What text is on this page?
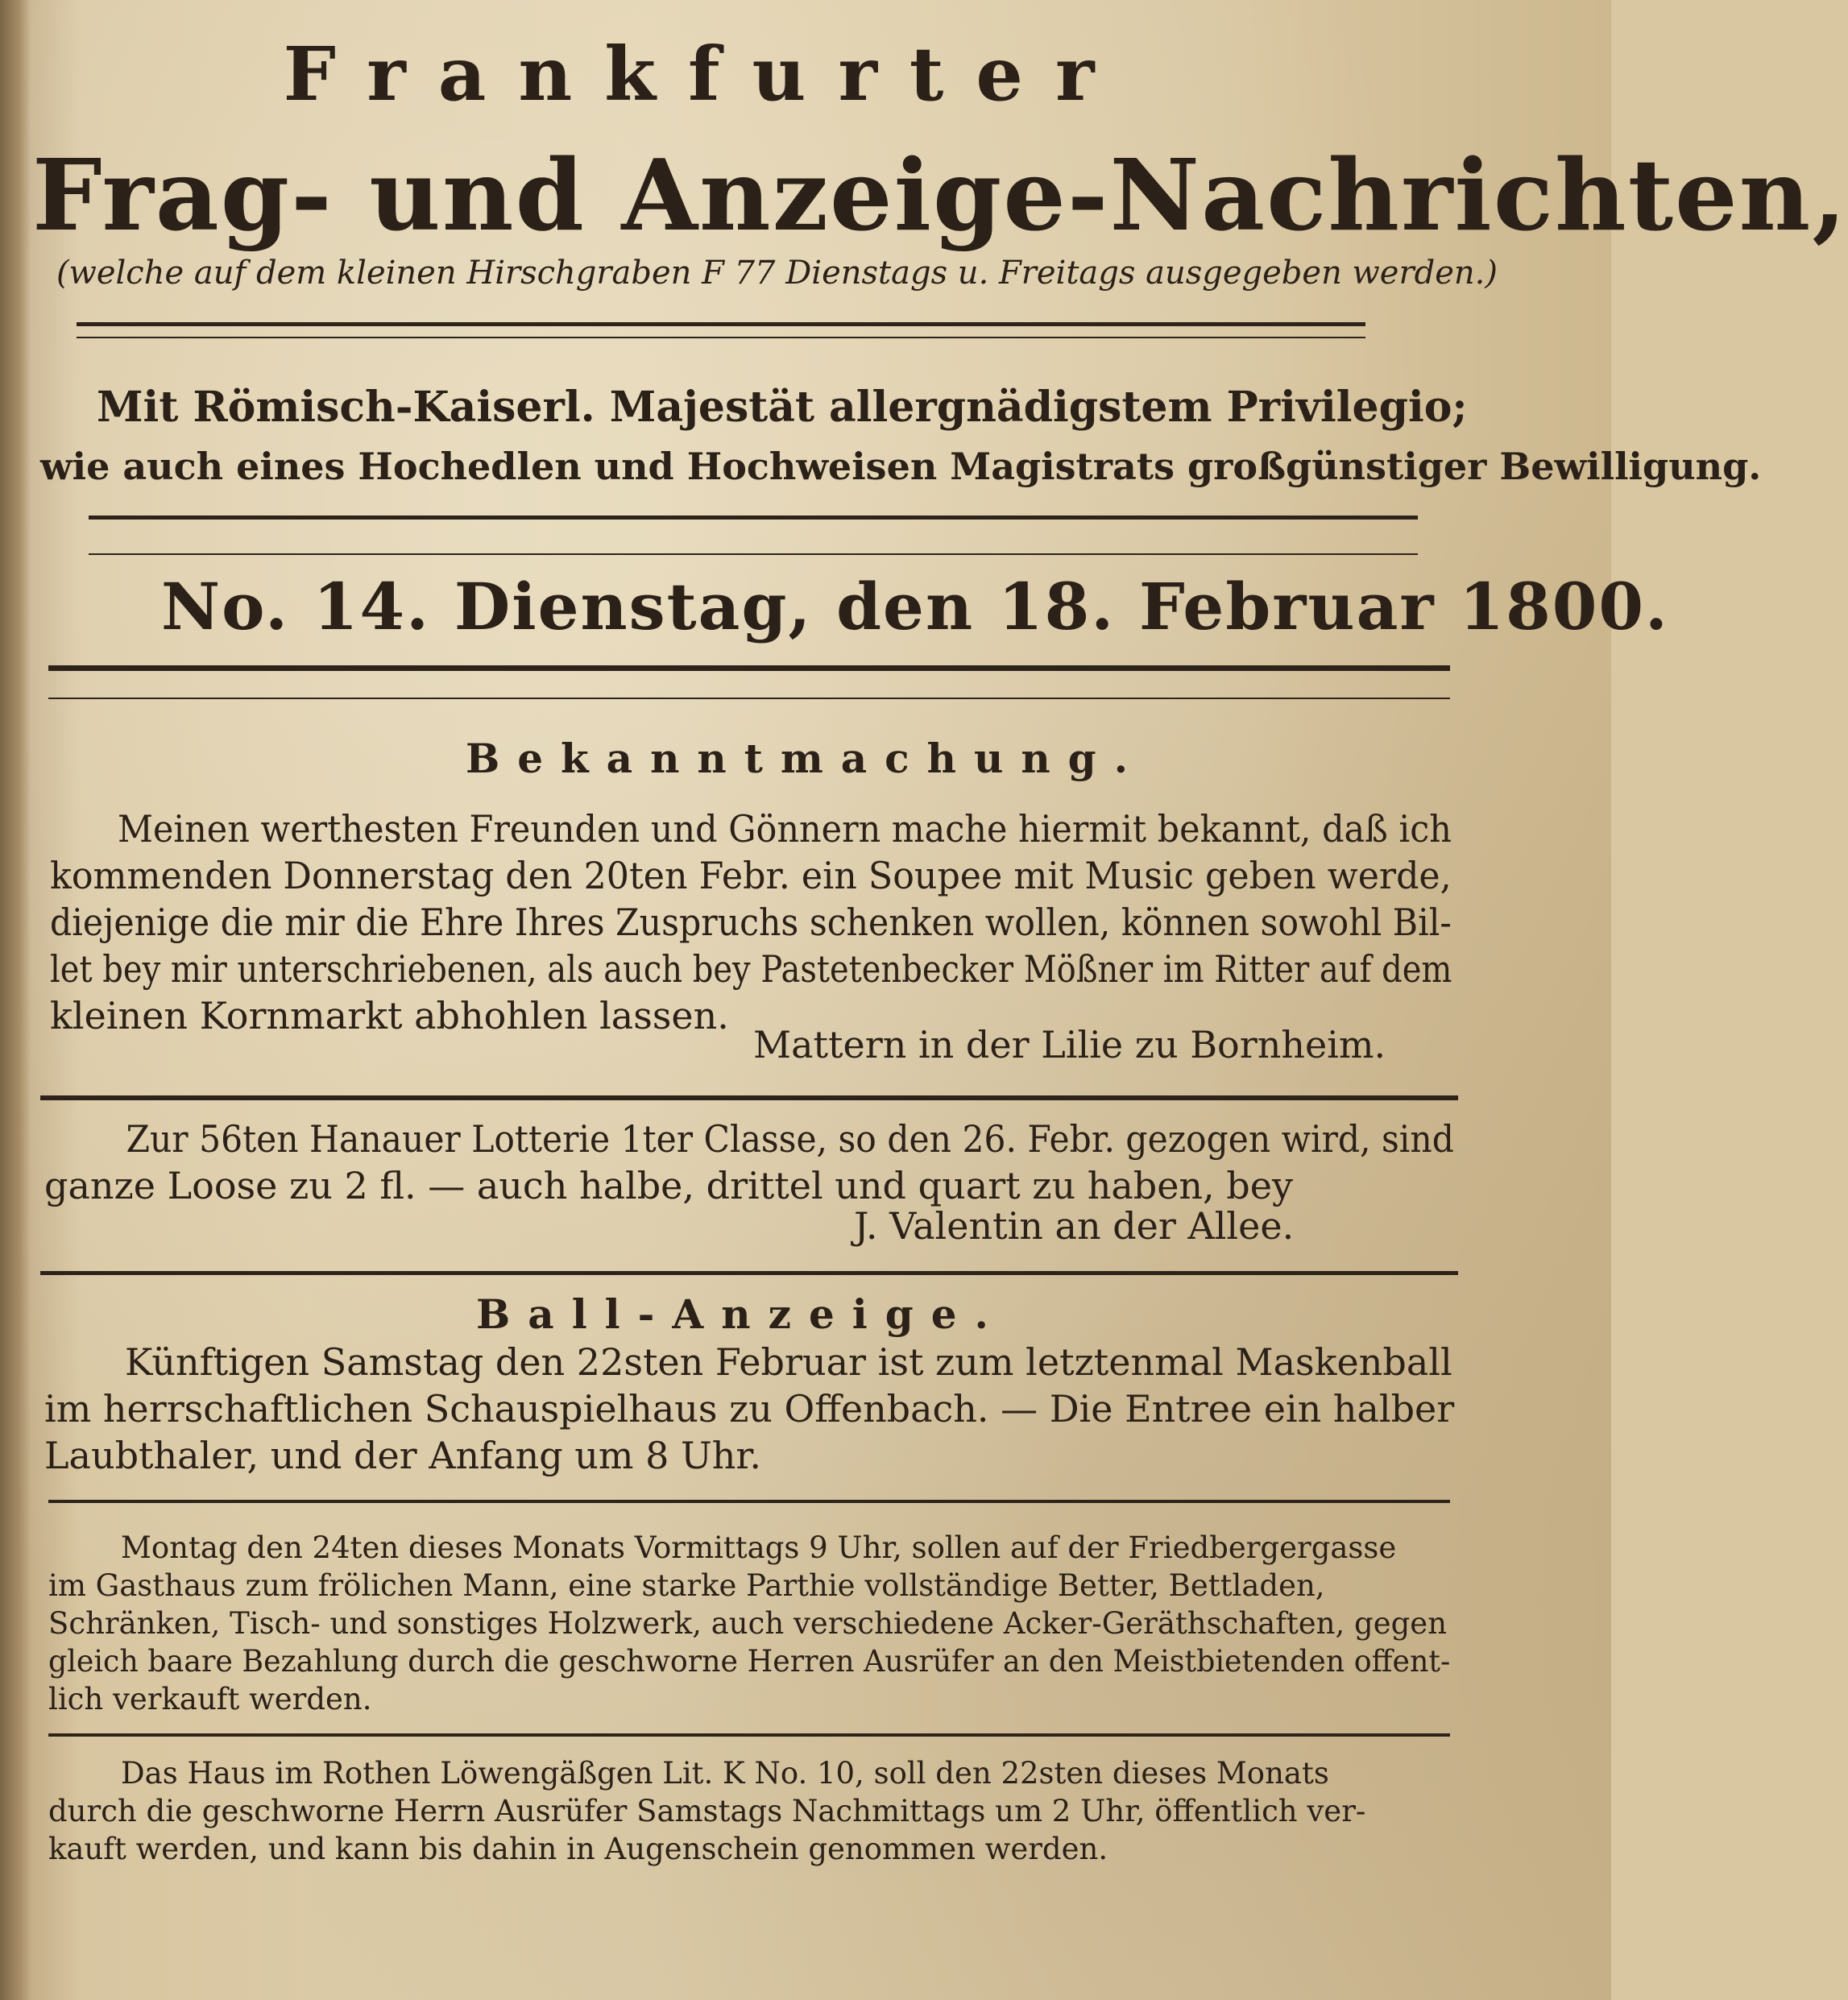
Frankfurter
Frag- und Anzeige-Nachrichten,
(welche auf dem kleinen Hirschgraben F 77 Dienstags u. Freitags ausgegeben werden.)
Mit Römisch-Kaiserl. Majestät allergnädigstem Privilegio;
wie auch eines Hochedlen und Hochweisen Magistrats großgünstiger Bewilligung.
No. 14. Dienstag, den 18. Februar 1800.
Bekanntmachung.
Meinen werthesten Freunden und Gönnern mache hiermit bekannt, daß ich
kommenden Donnerstag den 20ten Febr. ein Soupee mit Music geben werde,
diejenige die mir die Ehre Ihres Zuspruchs schenken wollen, können sowohl Bil-
let bey mir unterschriebenen, als auch bey Pastetenbecker Mößner im Ritter auf dem
kleinen Kornmarkt abhohlen lassen.
Mattern in der Lilie zu Bornheim.
Zur 56ten Hanauer Lotterie 1ter Classe, so den 26. Febr. gezogen wird, sind
ganze Loose zu 2 fl. — auch halbe, drittel und quart zu haben, bey
J. Valentin an der Allee.
Ball-Anzeige.
Künftigen Samstag den 22sten Februar ist zum letztenmal Maskenball
im herrschaftlichen Schauspielhaus zu Offenbach. — Die Entree ein halber
Laubthaler, und der Anfang um 8 Uhr.
Montag den 24ten dieses Monats Vormittags 9 Uhr, sollen auf der Friedbergergasse
im Gasthaus zum frölichen Mann, eine starke Parthie vollständige Better, Bettladen,
Schränken, Tisch- und sonstiges Holzwerk, auch verschiedene Acker-Geräthschaften, gegen
gleich baare Bezahlung durch die geschworne Herren Ausrüfer an den Meistbietenden offent-
lich verkauft werden.
Das Haus im Rothen Löwengäßgen Lit. K No. 10, soll den 22sten dieses Monats
durch die geschworne Herrn Ausrüfer Samstags Nachmittags um 2 Uhr, öffentlich ver-
kauft werden, und kann bis dahin in Augenschein genommen werden.
